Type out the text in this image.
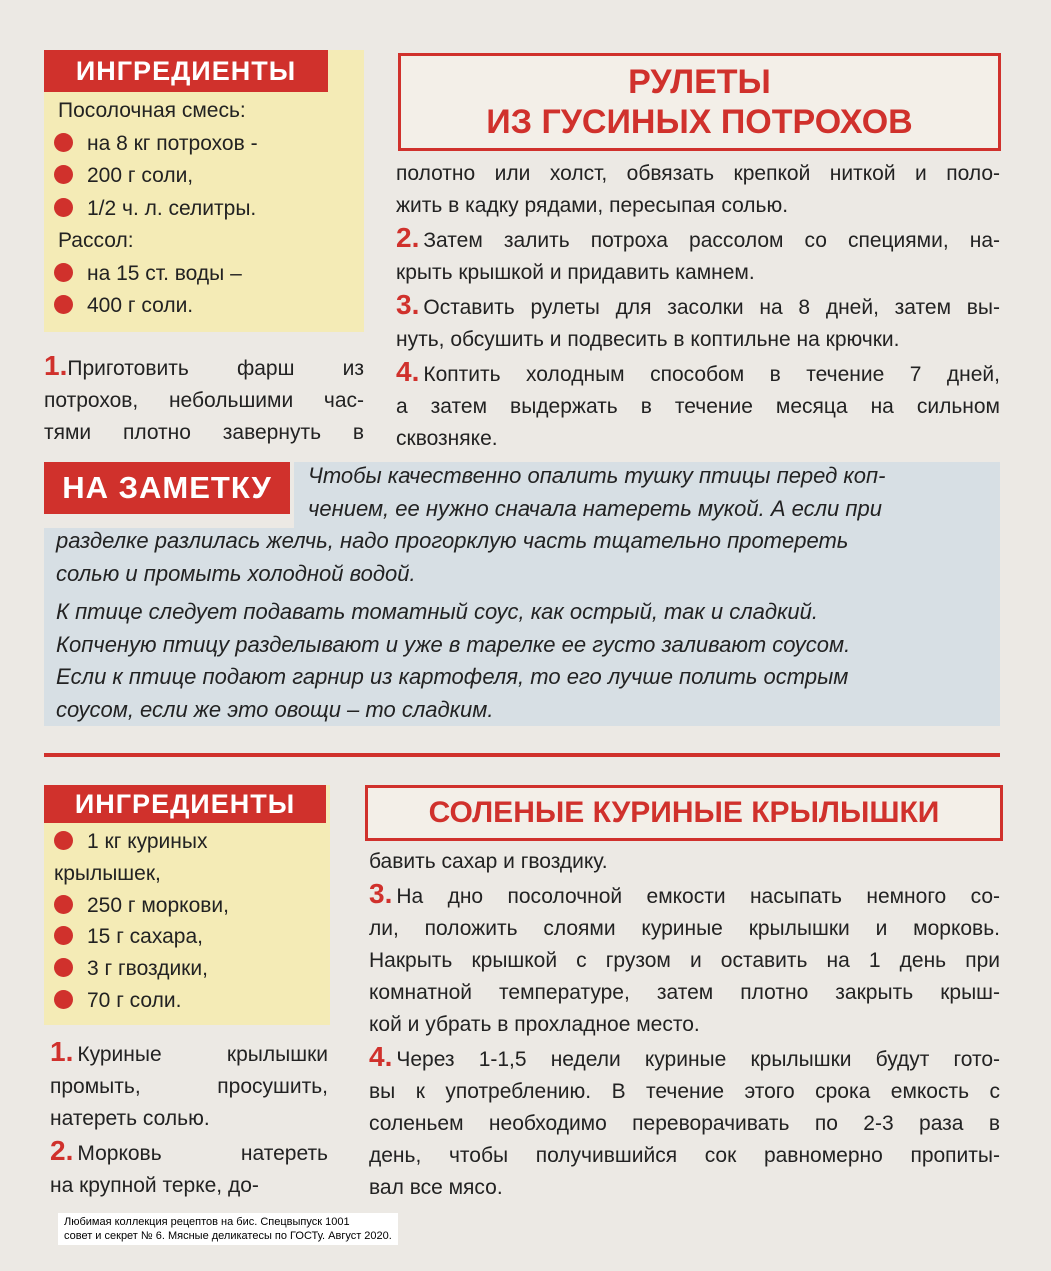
ИНГРЕДИЕНТЫ
Посолочная смесь:
на 8 кг потрохов -
200 г соли,
1/2 ч. л. селитры.
Рассол:
на 15 ст. воды –
400 г соли.
РУЛЕТЫ
ИЗ ГУСИНЫХ ПОТРОХОВ

1.Приготовить фарш из

потрохов, небольшими час-

тями плотно завернуть в

полотно или холст, обвязать крепкой ниткой и поло-

жить в кадку рядами, пересыпая солью.

2. Затем залить потроха рассолом со специями, на-

крыть крышкой и придавить камнем.

3. Оставить рулеты для засолки на 8 дней, затем вы-

нуть, обсушить и подвесить в коптильне на крючки.

4. Коптить холодным способом в течение 7 дней,

а затем выдержать в течение месяца на сильном

сквозняке.

НА ЗАМЕТКУ	Чтобы качественно опалить тушку птицы перед коп-

чением, ее нужно сначала натереть мукой. А если при

разделке разлилась желчь, надо прогорклую часть тщательно протереть

солью и промыть холодной водой.

К птице следует подавать томатный соус, как острый, так и сладкий.

Копченую птицу разделывают и уже в тарелке ее густо заливают соусом.

Если к птице подают гарнир из картофеля, то его лучше полить острым

соусом, если же это овощи – то сладким.

ИНГРЕДИЕНТЫ
1 кг куриных
крылышек,
250 г моркови,
15 г сахара,
3 г гвоздики,
70 г соли.
СОЛЕНЫЕ КУРИНЫЕ КРЫЛЫШКИ

1. Куриные крылышки

промыть, просушить,

натереть солью.

2. Морковь натереть

на крупной терке, до-

бавить сахар и гвоздику.

3. На дно посолочной емкости насыпать немного со-

ли, положить слоями куриные крылышки и морковь.

Накрыть крышкой с грузом и оставить на 1 день при

комнатной температуре, затем плотно закрыть крыш-

кой и убрать в прохладное место.

4. Через 1-1,5 недели куриные крылышки будут гото-

вы к употреблению. В течение этого срока емкость с

соленьем необходимо переворачивать по 2-3 раза в

день, чтобы получившийся сок равномерно пропиты-

вал все мясо.

Любимая коллекция рецептов на бис. Спецвыпуск 1001
совет и секрет № 6. Мясные деликатесы по ГОСТу. Август 2020.
